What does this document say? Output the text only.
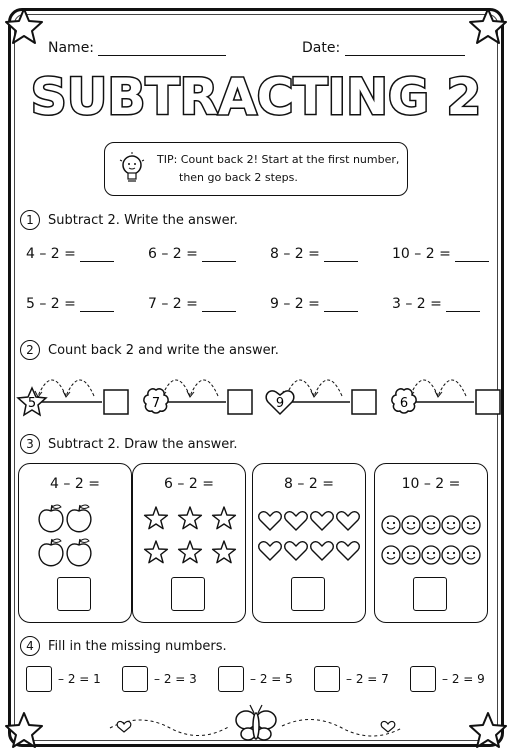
Name:	Date:
SUBTRACTING 2
TIP: Count back 2! Start at the first number,
then go back 2 steps.
1	Subtract 2. Write the answer.
4 – 2 =	6 – 2 =	8 – 2 =	10 – 2 =
5 – 2 =	7 – 2 =	9 – 2 =	3 – 2 =
2	Count back 2 and write the answer.
5	7	9	6
3	Subtract 2. Draw the answer.
4 – 2 =	6 – 2 =	8 – 2 =	10 – 2 =
4	Fill in the missing numbers.
– 2 = 1	– 2 = 3	– 2 = 5	– 2 = 7	– 2 = 9
